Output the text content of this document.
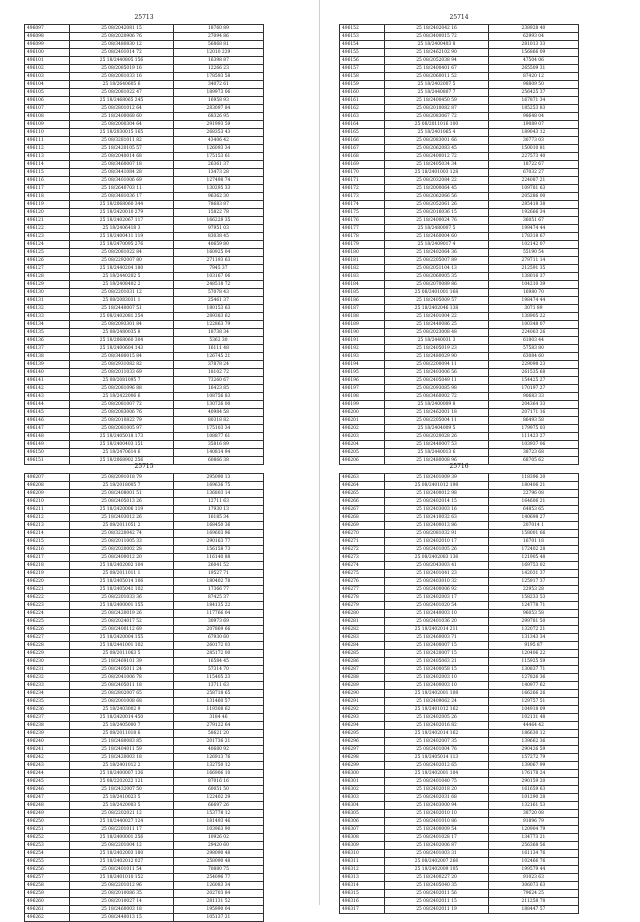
25713
496097	25 08/2042081 15	18760 89
496098	25 08/2020906 76	27094 86
496099	25 08/3480830 12	56868 81
496100	25 08/2401014 72	12010 229
496101	25 18/2440805 156	16398 87
496102	25 08/2085019 16	12266 23
496103	25 08/2081033 16	178593 58
496104	25 18/2640605 6	34072 61
496105	25 08/2081022 47	189973 06
496106	25 18/2468065 245	16958 93
496107	25 08/2801012 64	283097 84
496108	25 18/2400068 60	68326 95
496109	25 08/2000304 64	291993 59
496110	25 18/2030015 165	268353 43
496111	25 08/3281011 82	43406 42
496112	25 18/2420105 57	126093 34
496113	25 08/2040014 68	175153 61
496114	25 08/3460007 18	26361 37
496115	25 08/3441084 28	13473 28
496116	25 08/3401006 69	127498 74
496117	25 18/2640703 11	130295 33
496118	25 08/3481036 17	96362 30
496119	25 18/2068060 344	78683 87
496120	25 18/2420010 279	15822 78
496121	25 18/2402067 117	166228 35
496122	25 18/2406418 3	97951 03
496123	25 18/2400411 119	83038 45
496124	25 18/2470095 276	40659 80
496125	25 08/2081022 84	160925 04
496126	25 08/2292007 80	271193 63
496127	25 18/2440204 180	7945 37
496128	25 18/2440202 5	103167 06
496129	25 18/2408402 2	248518 72
496130	25 08/2201031 12	57078 43
496131	25 08/2083031 1	25461 37
496132	25 18/2440007 51	180153 63
496133	25 08/2402081 254	289383 62
496134	25 08/2093301 84	122863 79
496135	25 08/2480035 8	18738 34
496136	25 18/2068060 304	5362 30
496137	25 18/2400604 143	16111 48
496138	25 08/3480015 84	126745 21
496139	25 08/2931082 82	37878 24
496140	25 08/2011033 69	18102 72
496141	25 08/2081095 7	73260 67
496142	25 08/2081096 88	16423 85
496143	25 18/2422006 6	108756 83
496144	25 08/2081007 72	130726 00
496145	25 08/2083006 76	40984 58
496146	25 08/2010822 79	80318 82
496147	25 08/2081005 97	175103 34
496148	25 18/2405018 173	108877 61
496149	25 18/2400403 151	35816 89
496150	25 18/2470614 6	140814 94
496151	25 18/2068902 256	60866 38
25714
496152	25 18/2402042 16	238928 40
496153	25 08/3400015 72	62993 04
496154	25 18/2400403 8	281013 33
496155	25 18/2462102 90	156866 09
496156	25 08/2052038 94	47504 06
496157	25 18/2400401 67	265509 31
496158	25 08/2060011 52	87420 12
496159	25 18/2402007 5	98809 50
496160	25 18/2440807 7	256425 37
496161	25 18/2400450 59	167871 34
496162	25 08/2010082 87	185253 83
496163	25 08/2083067 72	98648 04
496164	25 08/2011016 100	19089 07
496165	25 18/2401065 4	189043 12
496166	25 08/2083001 66	30773 03
496167	25 08/2062083 45	150010 81
496168	25 08/2400012 72	227573 40
496169	25 18/2405034 34	18722 67
496170	25 18/2401003 128	67032 27
496171	25 08/2032084 22	224087 21
496172	25 18/2000064 45	109781 63
496173	25 08/2062066 56	205286 00
496174	25 08/2052061 26	285418 38
496175	25 08/2016036 15	192666 34
496176	25 18/2400024 76	36051 67
496177	25 18/2480007 5	199474 44
496178	25 18/2460004 60	178318 67
496179	25 18/2409017 4	102142 07
496180	25 18/2402064 36	55190 54
496181	25 08/2205007 89	279711 14
496182	25 08/2051104 13	212591 35
496183	25 08/2060005 35	138016 37
496184	25 08/2070089 86	104210 39
496185	25 08/2401001 168	16980 70
496186	25 18/2405009 57	198474 44
496187	25 18/2402046 138	3071 89
496188	25 18/2401004 22	138905 22
496189	25 18/2440086 25	100348 07
496190	25 08/2023008 48	224063 26
496191	25 18/2440031 3	61803 44
496192	25 18/2405019 23	57583 80
496193	25 18/2480029 90	63084 60
496194	25 08/2200094 11	229098 23
496195	25 18/2403006 56	261535 68
496196	25 08/2405049 11	154425 27
496197	25 08/2093085 98	170197 27
496198	25 08/3460002 72	90683 33
496199	25 18/2400009 8	204364 33
496200	25 18/2462001 18	207171 16
496201	25 08/2205004 11	86493 58
496202	25 18/2404009 5	179975 03
496203	25 08/2020028 26	111423 27
496204	25 18/2440007 53	103937 06
496205	25 18/2440013 6	38723 68
496206	25 18/2480008 96	68705 62
25715
496207	25 08/2091018 79	295090 13
496208	25 18/2018005 7	169636 75
496209	25 08/2408001 51	136803 14
496210	25 08/2405013 26	12711 63
496211	25 18/2420006 119	17930 13
496212	25 18/2403012 26	16185 34
496213	25 08/2011051 2	168450 36
496214	25 08/3220042 74	169603 96
496215	25 08/2011005 33	290163 77
496216	25 08/2020002 28	156158 73
496217	25 08/2400012 20	116140 88
496218	25 18/2402002 104	26041 52
496219	25 08/2011011 1	19527 71
496220	25 18/2405014 106	180402 78
496221	25 18/2405041 102	17366 77
496222	25 08/2201033 36	87425 37
496223	25 18/2400001 155	184135 22
496224	25 08/2420019 26	117766 04
496225	25 08/2024017 52	30973 69
496226	25 08/2400112 69	207869 66
496227	25 18/2420004 155	67930 60
496228	25 18/2441001 102	260172 03
496229	25 08/2011063 5	285172 00
496230	25 18/2469101 39	16584 45
496231	25 08/2405011 24	57314 70
496232	25 08/2041006 78	115405 23
496233	25 08/2405011 18	13711 63
496234	25 08/2802007 65	258718 65
496235	25 08/2001008 68	131460 57
496236	25 18/2403002 9	119308 62
496237	25 18/2420014 450	3184 46
496238	25 18/2405000 7	279122 64
496239	25 08/2011018 6	58621 20
496240	25 18/2480083 85	201736 21
496241	25 18/2404011 59	40680 92
496242	25 18/2420003 18	126913 76
496243	25 18/2401012 2	132750 12
496244	25 18/2400007 136	166906 10
496245	25 08/2202022 121	87016 16
496246	25 18/2432007 50	60051 50
496247	25 18/2410023 5	122402 29
496248	25 18/2420003 5	66697 26
496249	25 08/2202021 12	153778 12
496250	25 18/2440027 124	181493 46
496251	25 08/2201011 17	103963 90
496252	25 18/2400001 256	10926 02
496253	25 08/2201004 12	29420 60
496254	25 18/2402003 180	298090 48
496255	25 18/2402012 027	258090 48
496256	25 08/2401011 54	70880 75
496257	25 18/2401010 152	254096 77
496258	25 08/2201012 96	126083 34
496259	25 08/2010086 35	202703 84
496260	25 08/2010027 14	281131 52
496261	25 18/2460003 18	195990 04
496262	25 08/2440013 15	105137 21
25716
496263	25 18/2401009 39	118396 20
496264	25 08/2401012 198	180406 21
496265	25 18/2400012 98	22796 08
496266	25 08/2402014 15	164606 21
496267	25 18/2403003 16	64853 65
496268	25 18/2410032 63	140698 27
496269	25 18/2400013 86	207014 1
496270	25 08/2081032 91	158001 66
496271	25 18/2402010 17	16701 18
496272	25 08/2401005 26	172402 28
496273	25 08/2402083 136	121905 48
496274	25 08/2043003 41	169753 02
496275	25 18/2401041 23	142031 37
496276	25 08/2403010 32	125917 37
496277	25 08/2400006 92	22953 28
496278	25 18/2402003 17	158233 53
496279	25 08/2401020 54	124778 71
496280	25 18/2440003 10	96053 58
496281	25 08/2401036 20	299781 50
496282	25 18/2402014 211	132072 21
496283	25 18/2460003 71	131343 34
496284	25 18/2400007 15	9195 87
496285	25 18/2420007 15	120406 22
496286	25 18/2405063 21	115925 59
496287	25 18/2400058 15	130837 71
496288	25 18/2402003 10	127826 36
496289	25 18/2400003 10	140977 62
496290	25 18/2402001 108	166266 26
496291	25 18/2409062 24	129757 51
496292	25 18/2401012 162	104918 09
496293	25 18/2402005 26	102131 48
496294	25 18/2402016 82	44464 42
496295	25 18/2402014 162	186630 12
496296	25 18/2402007 35	139662 36
496297	25 08/2401004 76	290426 59
496298	25 18/2405014 113	157272 79
496299	25 08/2402012 65	139067 99
496300	25 18/2402001 104	176178 24
496301	25 08/2401040 75	290159 20
496302	25 18/2402018 20	161659 63
496303	25 08/2402031 68	101290 28
496304	25 18/2403000 94	132161 53
496305	25 18/2402010 10	38720 08
496306	25 08/2401010 86	91896 79
496307	25 18/2400009 54	120904 79
496308	25 08/2401028 17	134773 21
496309	25 18/2402006 87	256368 56
496310	25 08/2401003 31	161134 76
496311	25 08/2402007 266	102466 76
496312	25 18/2402009 105	199579 44
496313	25 18/2400227 20	91023 63
496314	25 18/2405040 35	306073 63
496315	25 08/2402011 56	79624 25
496316	25 08/2402011 15	211258 78
496317	25 08/2402011 19	188447 57
